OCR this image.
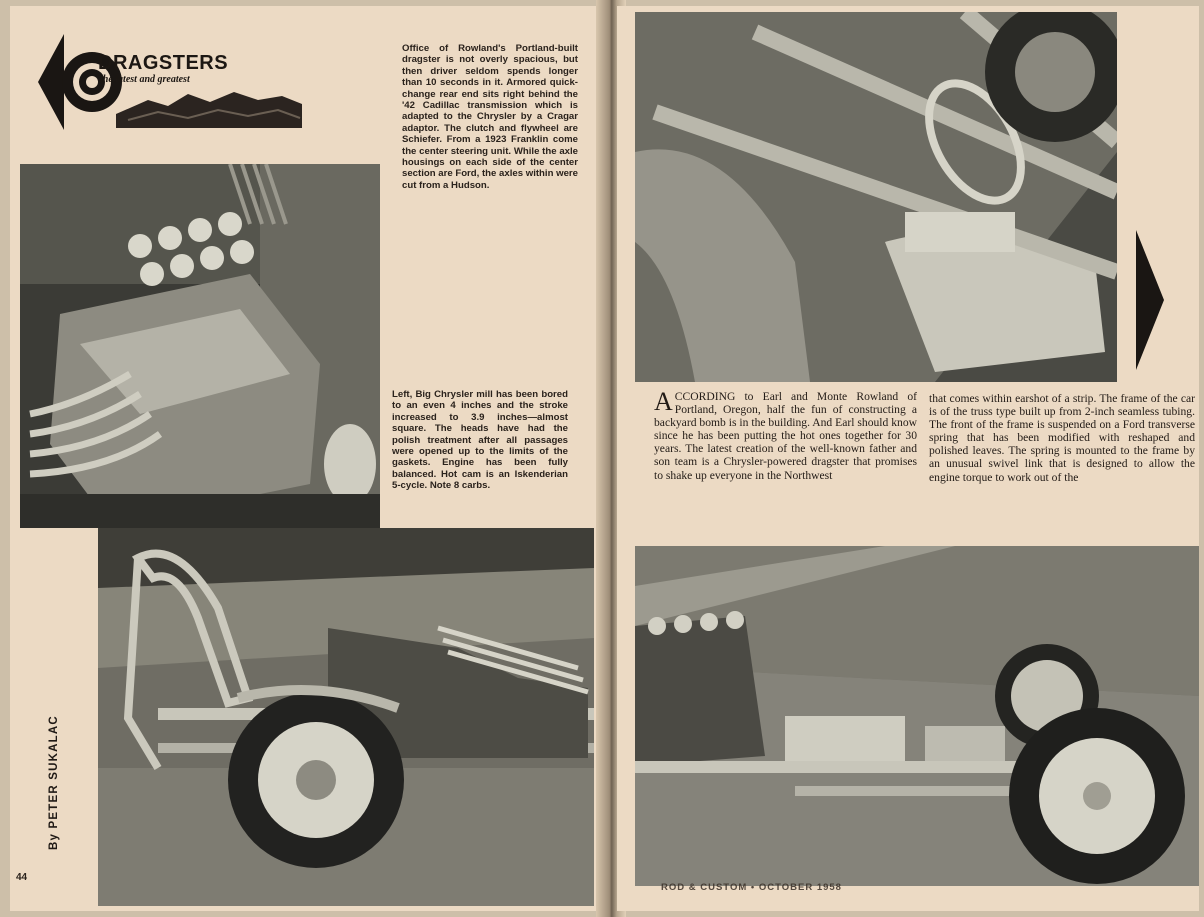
DRAGSTERS
the latest and greatest

Office of Rowland's Portland-built dragster is not overly spacious, but then driver seldom spends longer than 10 seconds in it. Armored quick-change rear end sits right behind the '42 Cadillac transmission which is adapted to the Chrysler by a Cragar adaptor. The clutch and flywheel are Schiefer. From a 1923 Franklin come the center steering unit. While the axle housings on each side of the center section are Ford, the axles within were cut from a Hudson.

Left, Big Chrysler mill has been bored to an even 4 inches and the stroke increased to 3.9 inches—almost square. The heads have had the polish treatment after all passages were opened up to the limits of the gaskets. Engine has been fully balanced. Hot cam is an Iskenderian 5-cycle. Note 8 carbs.

By PETER SUKALAC
44
ACCORDING to Earl and Monte Rowland of Portland, Oregon, half the fun of constructing a backyard bomb is in the building. And Earl should know since he has been putting the hot ones together for 30 years. The latest creation of the well-known father and son team is a Chrysler-powered dragster that promises to shake up everyone in the Northwest
that comes within earshot of a strip. The frame of the car is of the truss type built up from 2-inch seamless tubing. The front of the frame is suspended on a Ford transverse spring that has been modified with reshaped and polished leaves. The spring is mounted to the frame by an unusual swivel link that is designed to allow the engine torque to work out of the
ROD & CUSTOM • OCTOBER 1958
